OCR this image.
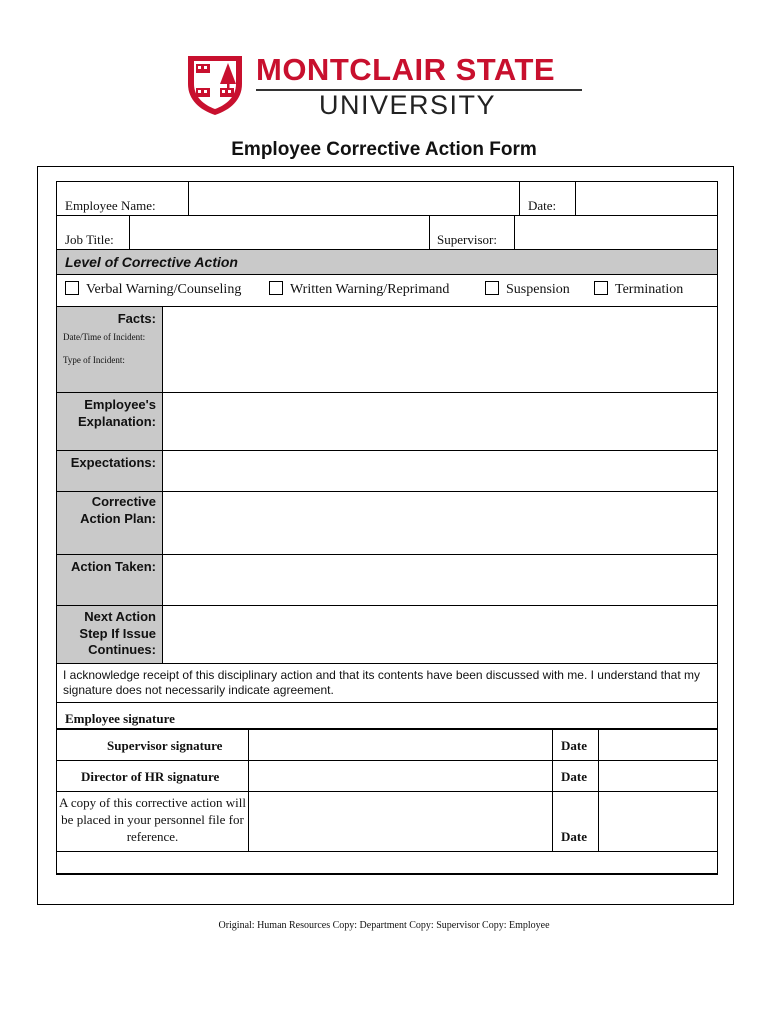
MONTCLAIR STATE
UNIVERSITY
Employee Corrective Action Form
Employee Name:	Date:
Job Title:	Supervisor:
Level of Corrective Action
Verbal Warning/Counseling	Written Warning/Reprimand	Suspension	Termination
Facts:
Date/Time of Incident:
Type of Incident:
Employee's
Explanation:
Expectations:
Corrective
Action Plan:
Action Taken:
Next Action
Step If Issue
Continues:
I acknowledge receipt of this disciplinary action and that its contents have been discussed with me. I understand that my signature does not necessarily indicate agreement.
Employee signature
Supervisor signature	Date
Director of HR signature	Date
A copy of this corrective action will be placed in your personnel file for reference.	Date
Original: Human Resources Copy: Department Copy: Supervisor Copy: Employee
